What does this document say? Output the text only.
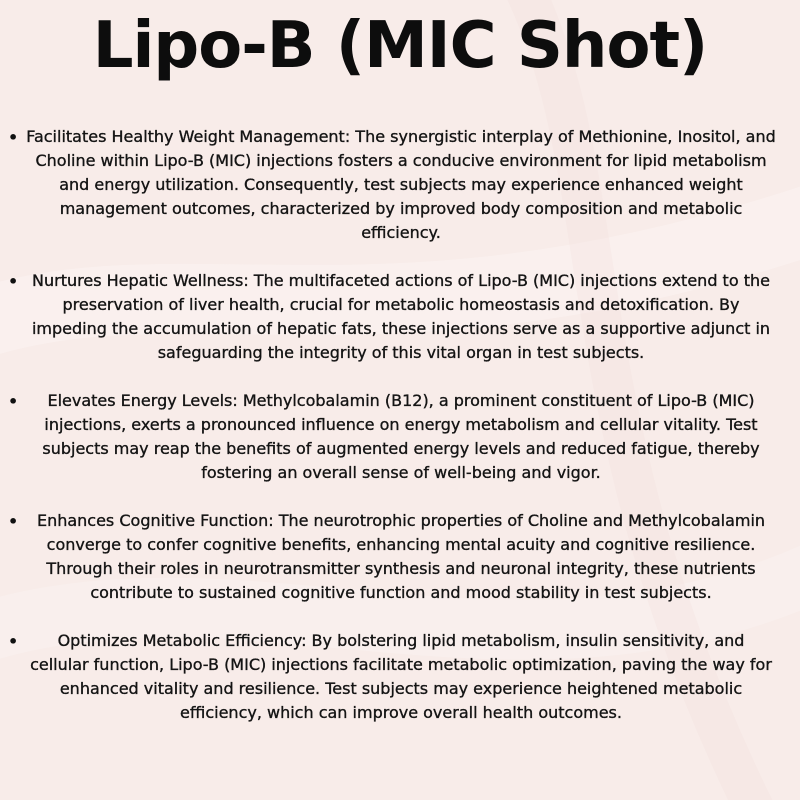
Lipo-B (MIC Shot)
• Facilitates Healthy Weight Management: The synergistic interplay of Methionine, Inositol, and Choline within Lipo-B (MIC) injections fosters a conducive environment for lipid metabolism and energy utilization. Consequently, test subjects may experience enhanced weight management outcomes, characterized by improved body composition and metabolic efficiency.
• Nurtures Hepatic Wellness: The multifaceted actions of Lipo-B (MIC) injections extend to the preservation of liver health, crucial for metabolic homeostasis and detoxification. By impeding the accumulation of hepatic fats, these injections serve as a supportive adjunct in safeguarding the integrity of this vital organ in test subjects.
•	Elevates Energy Levels: Methylcobalamin (B12), a prominent constituent of Lipo-B (MIC) injections, exerts a pronounced influence on energy metabolism and cellular vitality. Test subjects may reap the benefits of augmented energy levels and reduced fatigue, thereby fostering an overall sense of well-being and vigor.
•	Enhances Cognitive Function: The neurotrophic properties of Choline and Methylcobalamin converge to confer cognitive benefits, enhancing mental acuity and cognitive resilience. Through their roles in neurotransmitter synthesis and neuronal integrity, these nutrients contribute to sustained cognitive function and mood stability in test subjects.
•	Optimizes Metabolic Efficiency: By bolstering lipid metabolism, insulin sensitivity, and cellular function, Lipo-B (MIC) injections facilitate metabolic optimization, paving the way for enhanced vitality and resilience. Test subjects may experience heightened metabolic efficiency, which can improve overall health outcomes.
